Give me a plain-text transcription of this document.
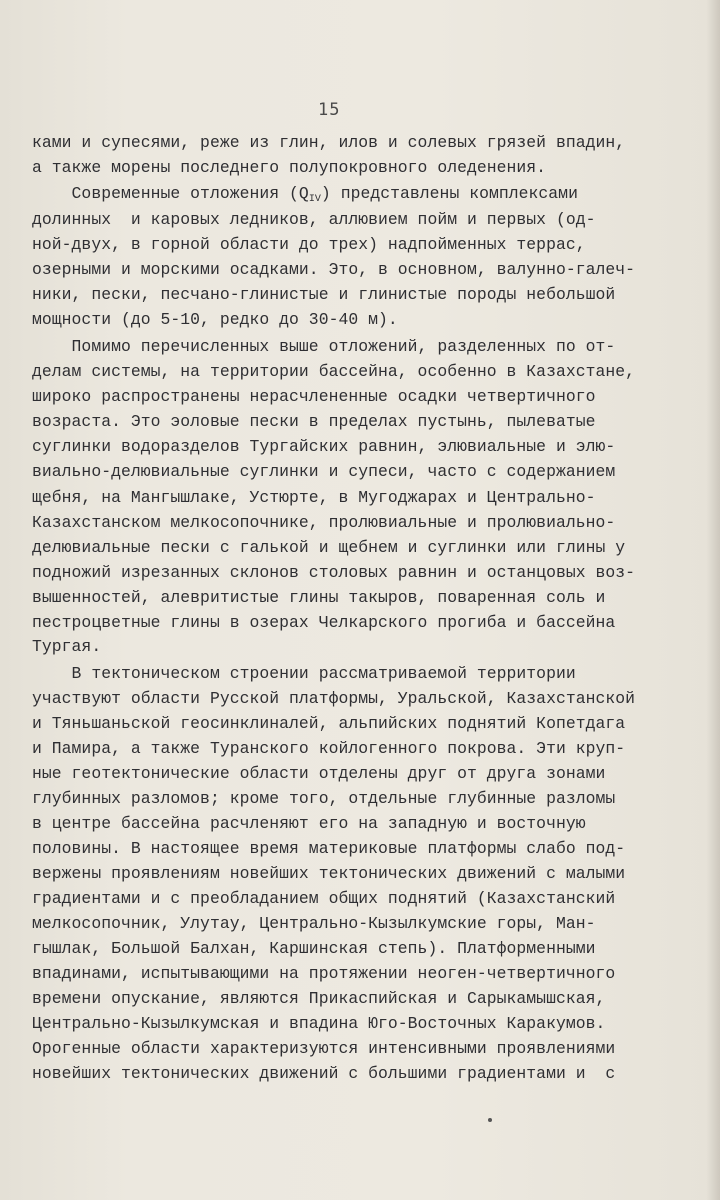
15
ками и супесями, реже из глин, илов и солевых грязей впадин,
а также морены последнего полупокровного оледенения.
Современные отложения $(Q_{IV})$ представлены комплексами
долинных  и каровых ледников, аллювием пойм и первых (од-
ной-двух, в горной области до трех) надпойменных террас,
озерными и морскими осадками. Это, в основном, валунно-галеч-
ники, пески, песчано-глинистые и глинистые породы небольшой
мощности (до 5-10, редко до 30-40 м).
Помимо перечисленных выше отложений, разделенных по от-
делам системы, на территории бассейна, особенно в Казахстане,
широко распространены нерасчлененные осадки четвертичного
возраста. Это эоловые пески в пределах пустынь, пылеватые
суглинки водоразделов Тургайских равнин, элювиальные и элю-
виально-делювиальные суглинки и супеси, часто с содержанием
щебня, на Мангышлаке, Устюрте, в Мугоджарах и Центрально-
Казахстанском мелкосопочнике, пролювиальные и пролювиально-
делювиальные пески с галькой и щебнем и суглинки или глины у
подножий изрезанных склонов столовых равнин и останцовых воз-
вышенностей, алевритистые глины такыров, поваренная соль и
пестроцветные глины в озерах Челкарского прогиба и бассейна
Тургая.
В тектоническом строении рассматриваемой территории
участвуют области Русской платформы, Уральской, Казахстанской
и Тяньшаньской геосинклиналей, альпийских поднятий Копетдага
и Памира, а также Туранского койлогенного покрова. Эти круп-
ные геотектонические области отделены друг от друга зонами
глубинных разломов; кроме того, отдельные глубинные разломы
в центре бассейна расчленяют его на западную и восточную
половины. В настоящее время материковые платформы слабо под-
вержены проявлениям новейших тектонических движений с малыми
градиентами и с преобладанием общих поднятий (Казахстанский
мелкосопочник, Улутау, Центрально-Кызылкумские горы, Ман-
гышлак, Большой Балхан, Каршинская степь). Платформенными
впадинами, испытывающими на протяжении неоген-четвертичного
времени опускание, являются Прикаспийская и Сарыкамышская,
Центрально-Кызылкумская и впадина Юго-Восточных Каракумов.
Орогенные области характеризуются интенсивными проявлениями
новейших тектонических движений с большими градиентами и  с
